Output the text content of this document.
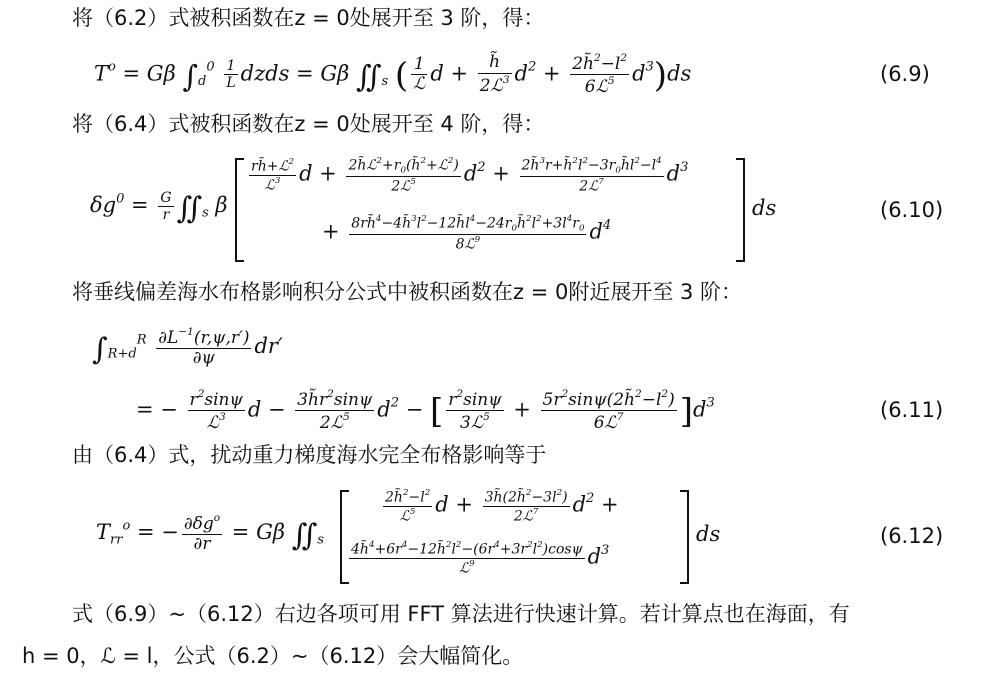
将（6.2）式被积函数在z = 0处展开至 3 阶，得：
$T^o = G\beta$ $\int_d^0 \frac{1}{L}$ dzds = Gβ $∬_s$ ( $\frac{1}{\text{ℒ}}$ $d + \frac{h̃}{2ℒ^3} d^2 + \frac{2h̃^2-l^2}{6ℒ^5} d^3)ds$	(6.9)
将（6.4）式被积函数在z = 0处展开至 4 阶，得：
$\delta g^0 = \frac{G}{r}$ $∬_s$ β
$\frac{rh̃+ℒ^2}{ℒ^3}$ $d + \frac{2h̃ℒ^2+r_0(h̃^2+ℒ^2)}{2ℒ^5} d^2 + \frac{2h̃^3r+h̃^2l^2-3r_0h̃l^2-l^4}{2ℒ^7} d^3$
+ $\frac{8rh̃^4-4h̃^3l^2-12h̃l^4-24r_0h̃^2l^2+3l^4r_0}{8ℒ^9} d^4$
ds	(6.10)
将垂线偏差海水布格影响积分公式中被积函数在z = 0附近展开至 3 阶：
$\int_{R+d}^R \frac{\partial L^{-1}(r,\psi,r')}{\partial\psi} dr'$
= − $\frac{r^2\sin\psi}{ℒ^3}$ $d - \frac{3h̃r^2\sin\psi}{2ℒ^5} d^2$ − [ $\frac{r^2\sin\psi}{3ℒ^5} + \frac{5r^2\sin\psi(2h̃^2-l^2)}{6ℒ^7} ]d^3$	(6.11)
由（6.4）式，扰动重力梯度海水完全布格影响等于
$T_{rr}^o$ = − $\frac{\partial\delta g^o}{\partial r} = G\beta$ $∬_s$
$\frac{2h̃^2-l^2}{ℒ^5}$ $d + \frac{3h̃(2h̃^2-3l^2)}{2ℒ^7} d^2$ +
$\frac{4h̃^4+6r^4-12h̃^2l^2-(6r^4+3r^2l^2)\cos\psi}{ℒ^9} d^3$
ds	(6.12)
式（6.9）~（6.12）右边各项可用 FFT 算法进行快速计算。若计算点也在海面，有
h = 0，ℒ = l，公式（6.2）~（6.12）会大幅简化。
